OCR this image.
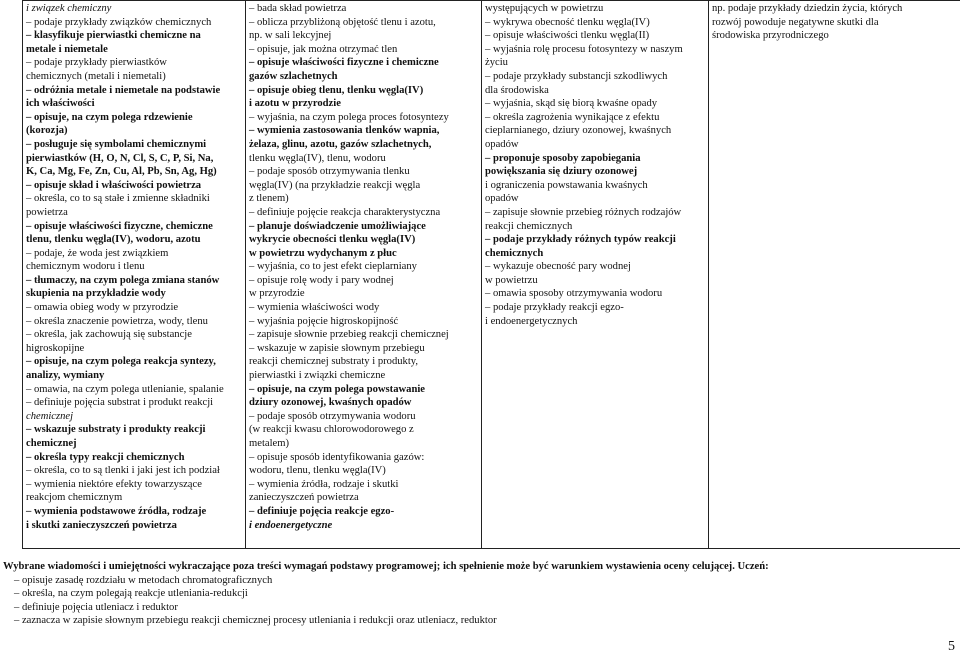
i związek chemiczny
– podaje przykłady związków chemicznych
– klasyfikuje pierwiastki chemiczne na
metale i niemetale
– podaje przykłady pierwiastków
chemicznych (metali i niemetali)
– odróżnia metale i niemetale na podstawie
ich właściwości
– opisuje, na czym polega rdzewienie
(korozja)
– posługuje się symbolami chemicznymi
pierwiastków (H, O, N, Cl, S, C, P, Si, Na,
K, Ca, Mg, Fe, Zn, Cu, Al, Pb, Sn, Ag, Hg)
– opisuje skład i właściwości powietrza
– określa, co to są stałe i zmienne składniki
powietrza
– opisuje właściwości fizyczne, chemiczne
tlenu, tlenku węgla(IV), wodoru, azotu
– podaje, że woda jest związkiem
chemicznym wodoru i tlenu
– tłumaczy, na czym polega zmiana stanów
skupienia na przykładzie wody
– omawia obieg wody w przyrodzie
– określa znaczenie powietrza, wody, tlenu
– określa, jak zachowują się substancje
higroskopijne
– opisuje, na czym polega reakcja syntezy,
analizy, wymiany
– omawia, na czym polega utlenianie, spalanie
– definiuje pojęcia substrat i produkt reakcji
chemicznej
– wskazuje substraty i produkty reakcji
chemicznej
– określa typy reakcji chemicznych
– określa, co to są tlenki i jaki jest ich podział
– wymienia niektóre efekty towarzyszące
reakcjom chemicznym
– wymienia podstawowe źródła, rodzaje
i skutki zanieczyszczeń powietrza

– bada skład powietrza
– oblicza przybliżoną objętość tlenu i azotu,
np. w sali lekcyjnej
– opisuje, jak można otrzymać tlen
– opisuje właściwości fizyczne i chemiczne
gazów szlachetnych
– opisuje obieg tlenu, tlenku węgla(IV)
i azotu w przyrodzie
– wyjaśnia, na czym polega proces fotosyntezy
– wymienia zastosowania tlenków wapnia,
żelaza, glinu, azotu, gazów szlachetnych,
tlenku węgla(IV), tlenu, wodoru
– podaje sposób otrzymywania tlenku
węgla(IV) (na przykładzie reakcji węgla
z tlenem)
– definiuje pojęcie reakcja charakterystyczna
– planuje doświadczenie umożliwiające
wykrycie obecności tlenku węgla(IV)
w powietrzu wydychanym z płuc
– wyjaśnia, co to jest efekt cieplarniany
– opisuje rolę wody i pary wodnej
w przyrodzie
– wymienia właściwości wody
– wyjaśnia pojęcie higroskopijność
– zapisuje słownie przebieg reakcji chemicznej
– wskazuje w zapisie słownym przebiegu
reakcji chemicznej substraty i produkty,
pierwiastki i związki chemiczne
– opisuje, na czym polega powstawanie
dziury ozonowej, kwaśnych opadów
– podaje sposób otrzymywania wodoru
(w reakcji kwasu chlorowodorowego z
metalem)
– opisuje sposób identyfikowania gazów:
wodoru, tlenu, tlenku węgla(IV)
– wymienia źródła, rodzaje i skutki
zanieczyszczeń powietrza
– definiuje pojęcia reakcje egzo-
i endoenergetyczne

występujących w powietrzu
– wykrywa obecność tlenku węgla(IV)
– opisuje właściwości tlenku węgla(II)
– wyjaśnia rolę procesu fotosyntezy w naszym
życiu
– podaje przykłady substancji szkodliwych
dla środowiska
– wyjaśnia, skąd się biorą kwaśne opady
– określa zagrożenia wynikające z efektu
cieplarnianego, dziury ozonowej, kwaśnych
opadów
– proponuje sposoby zapobiegania
powiększania się dziury ozonowej
i ograniczenia powstawania kwaśnych
opadów
– zapisuje słownie przebieg różnych rodzajów
reakcji chemicznych
– podaje przykłady różnych typów reakcji
chemicznych
– wykazuje obecność pary wodnej
w powietrzu
– omawia sposoby otrzymywania wodoru
– podaje przykłady reakcji egzo-
i endoenergetycznych

np. podaje przykłady dziedzin życia, których
rozwój powoduje negatywne skutki dla
środowiska przyrodniczego
Wybrane wiadomości i umiejętności wykraczające poza treści wymagań podstawy programowej; ich spełnienie może być warunkiem wystawienia oceny celującej. Uczeń:
– opisuje zasadę rozdziału w metodach chromatograficznych
– określa, na czym polegają reakcje utleniania-redukcji
– definiuje pojęcia utleniacz i reduktor
– zaznacza w zapisie słownym przebiegu reakcji chemicznej procesy utleniania i redukcji oraz utleniacz, reduktor
5
